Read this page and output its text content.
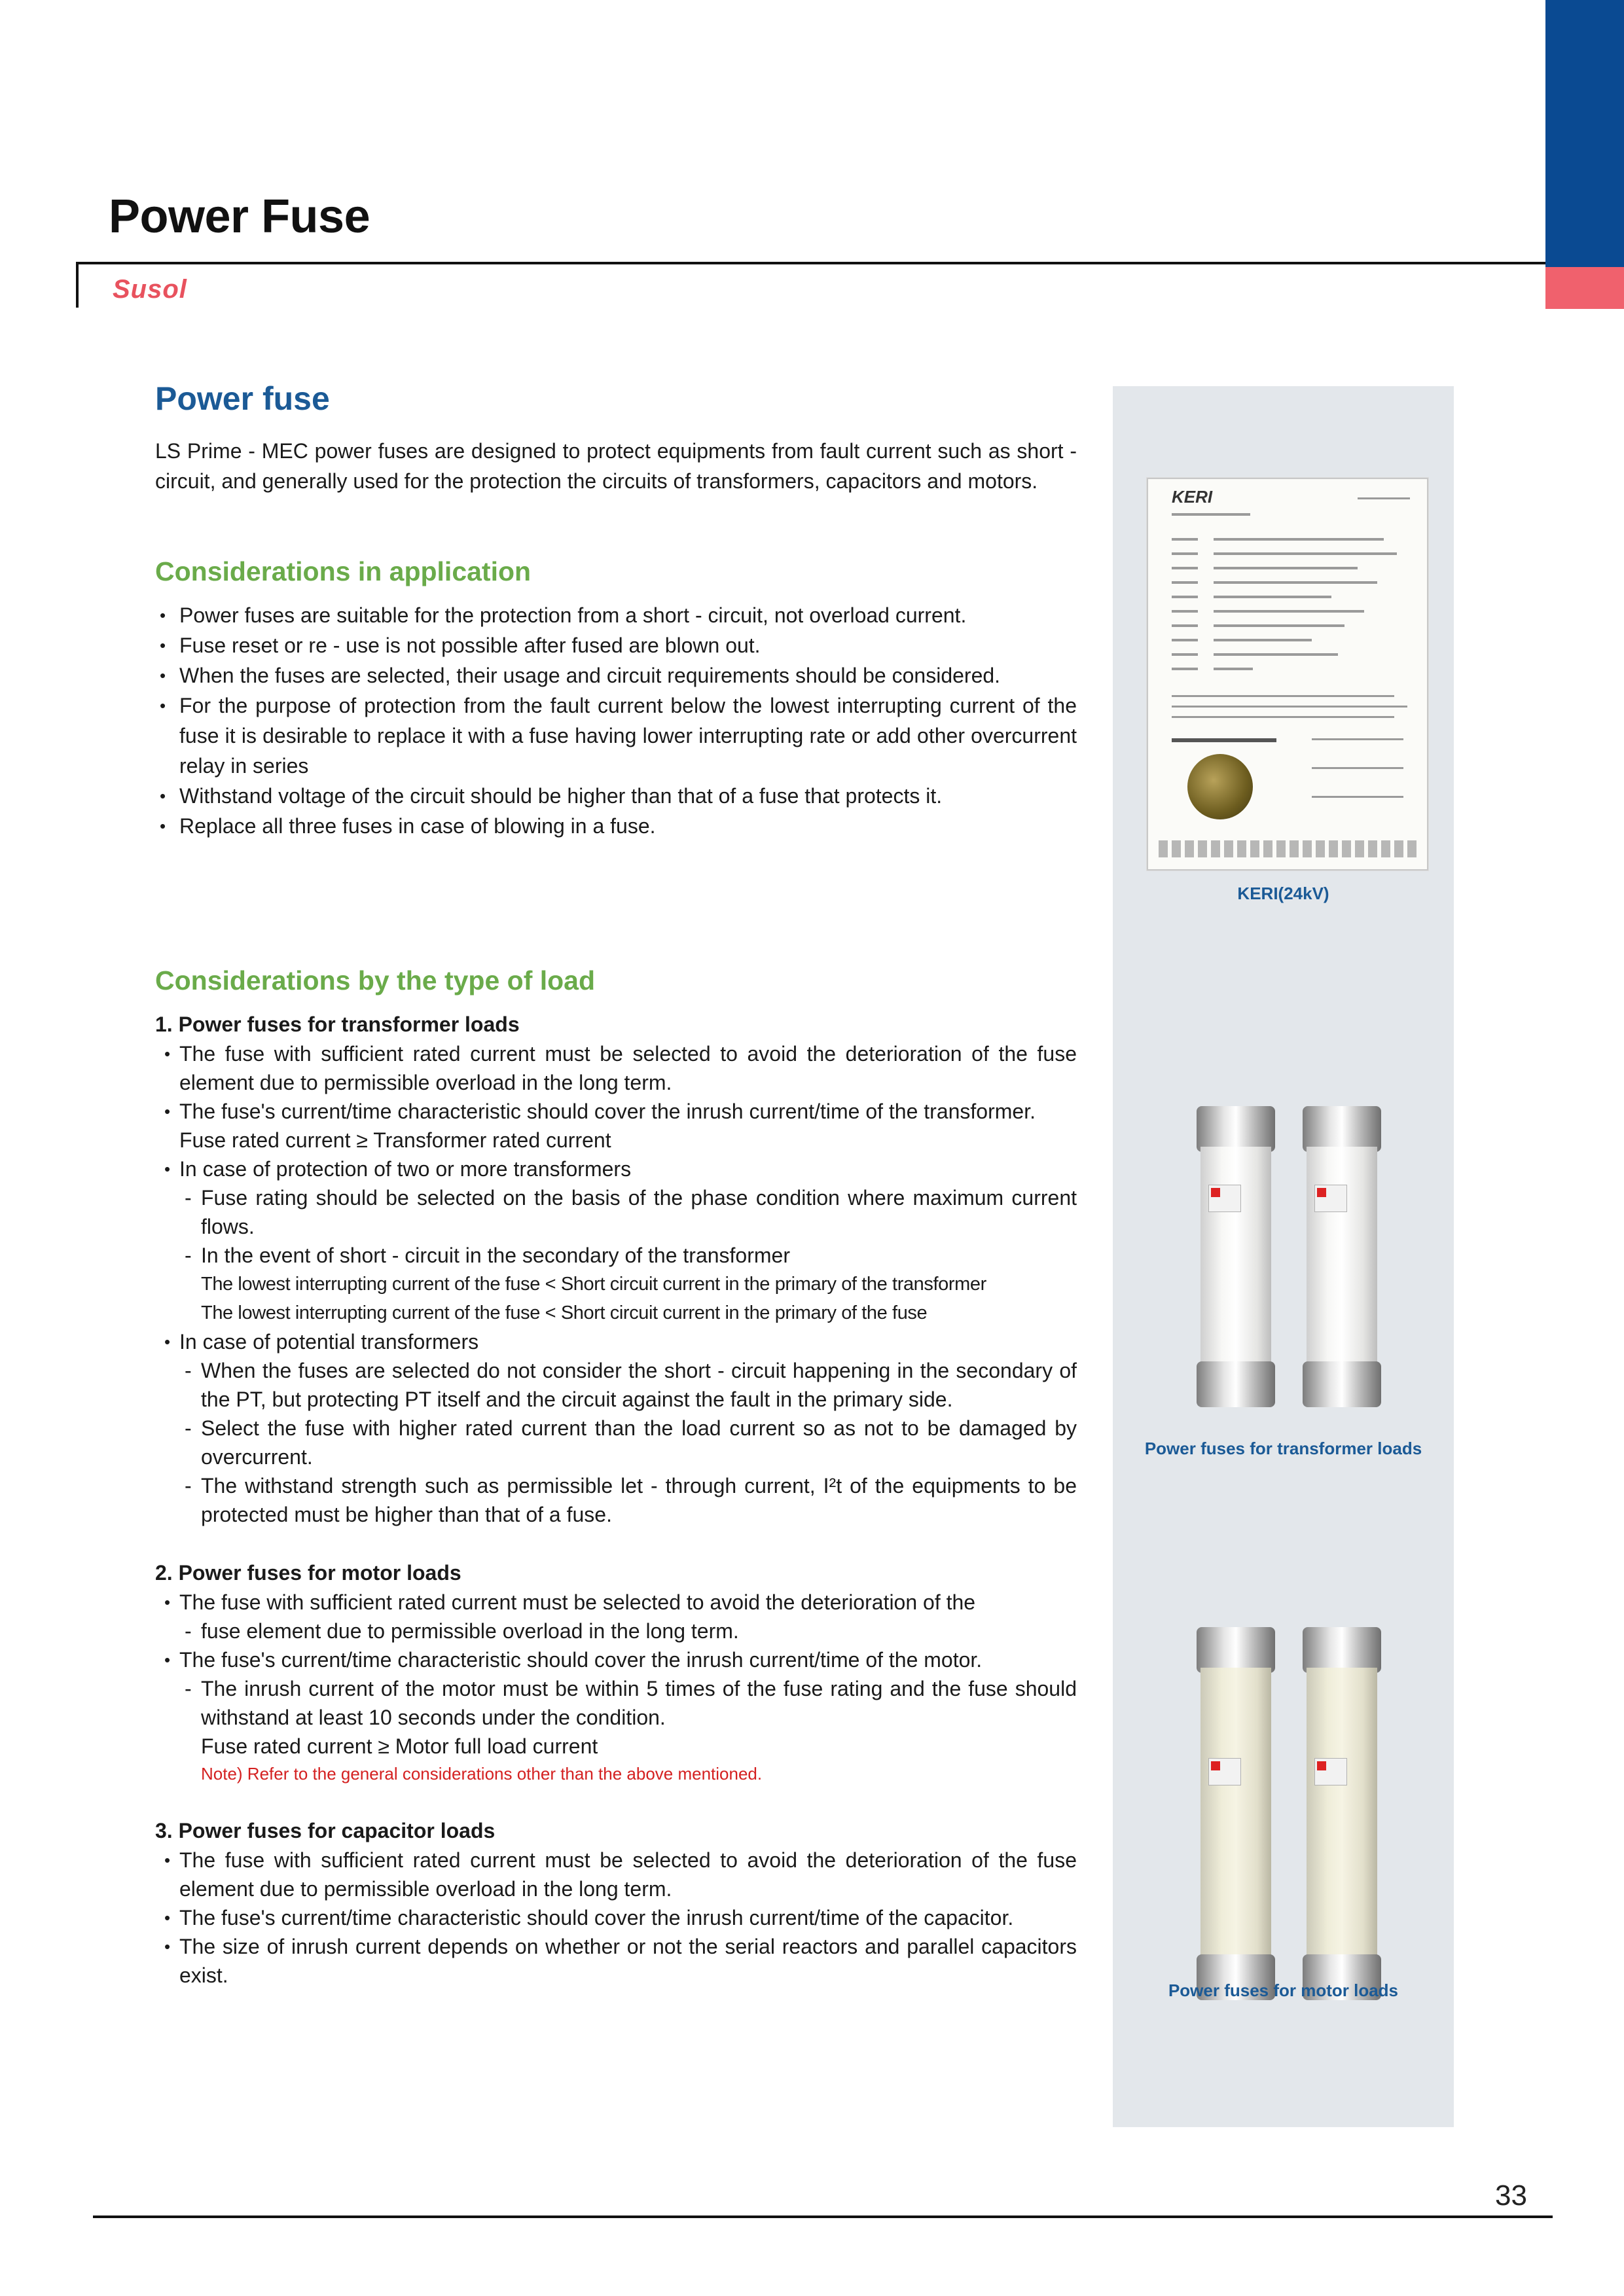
Power Fuse
Susol
Power fuse

LS Prime - MEC power fuses are designed to protect equipments from fault current such as short - circuit, and generally used for the protection the circuits of transformers, capacitors and motors.

Considerations in application
• Power fuses are suitable for the protection from a short - circuit, not overload current.
• Fuse reset or re - use is not possible after fused are blown out.
• When the fuses are selected, their usage and circuit requirements should be considered.
• For the purpose of protection from the fault current below the lowest interrupting current of the fuse it is desirable to replace it with a fuse having lower interrupting rate or add other overcurrent relay in series
• Withstand voltage of the circuit should be higher than that of a fuse that protects it.
• Replace all three fuses in case of blowing in a fuse.
Considerations by the type of load

1. Power fuses for transformer loads

• The fuse with sufficient rated current must be selected to avoid the deterioration of the fuse element due to permissible overload in the long term.
• The fuse's current/time characteristic should cover the inrush current/time of the transformer.
Fuse rated current ≥ Transformer rated current
• In case of protection of two or more transformers
- Fuse rating should be selected on the basis of the phase condition where maximum current flows.
- In the event of short - circuit in the secondary of the transformer
The lowest interrupting current of the fuse < Short circuit current in the primary of the transformer
The lowest interrupting current of the fuse < Short circuit current in the primary of the fuse
• In case of potential transformers
- When the fuses are selected do not consider the short - circuit happening in the secondary of the PT, but protecting PT itself and the circuit against the fault in the primary side.
- Select the fuse with higher rated current than the load current so as not to be damaged by overcurrent.
- The withstand strength such as permissible let - through current, I²t of the equipments to be protected must be higher than that of a fuse.

2. Power fuses for motor loads

• The fuse with sufficient rated current must be selected to avoid the deterioration of the
- fuse element due to permissible overload in the long term.
• The fuse's current/time characteristic should cover the inrush current/time of the motor.
- The inrush current of the motor must be within 5 times of the fuse rating and the fuse should withstand at least 10 seconds under the condition.
Fuse rated current ≥ Motor full load current
Note) Refer to the general considerations other than the above mentioned.

3. Power fuses for capacitor loads

• The fuse with sufficient rated current must be selected to avoid the deterioration of the fuse element due to permissible overload in the long term.
• The fuse's current/time characteristic should cover the inrush current/time of the capacitor.
• The size of inrush current depends on whether or not the serial reactors and parallel capacitors exist.
KERI
KERI(24kV)
Power fuses for transformer loads
Power fuses for motor loads
33
